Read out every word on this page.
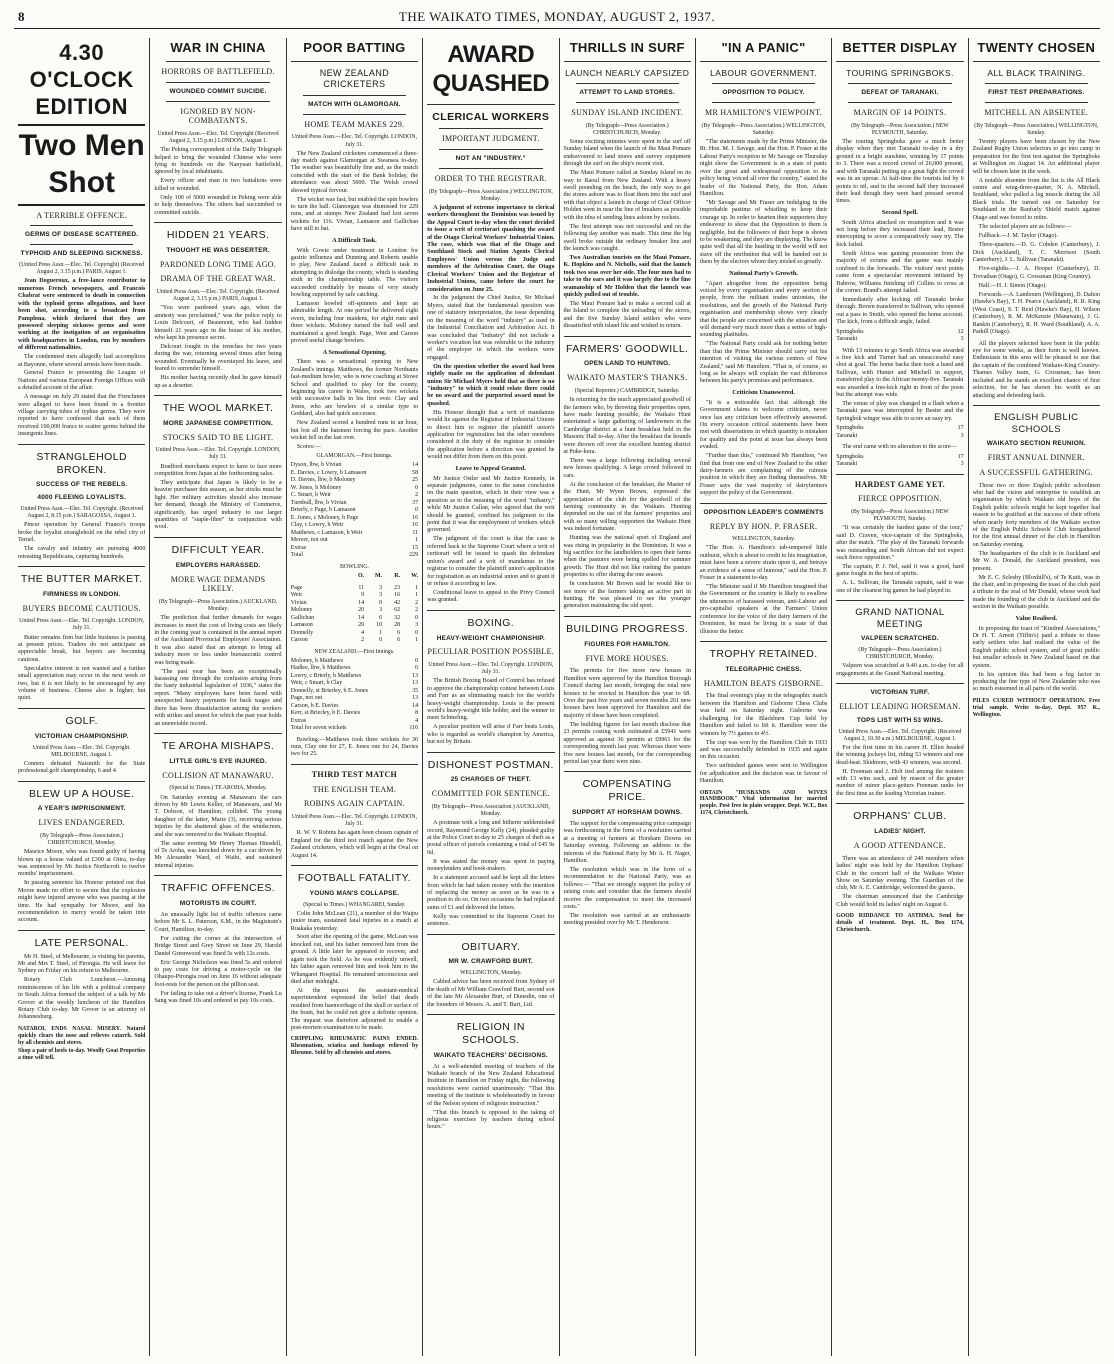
8	THE WAIKATO TIMES, MONDAY, AUGUST 2, 1937.
4.30 O'CLOCK EDITION
Two Men Shot
A TERRIBLE OFFENCE.
GERMS OF DISEASE SCATTERED.
TYPHOID AND SLEEPING SICKNESS.
(United Press Assn.—Elec. Tel. Copyright) (Received August 2, 3.15 p.m.) PARIS, August 1.

Jean Dogueroux, a free-lance contributor to numerous French newspapers, and Francois Chabrat were sentenced to death in connection with the typhoid germs allegations, and have been shot, according to a broadcast from Pamplona, which declared that they are possessed sleeping sickness germs and were working at the instigation of an organisation with headquarters in London, run by members of different nationalities.

The condemned men allegedly had accomplices at Bayonne, where several arrests have been made.

General Franco is presenting the League of Nations and various European Foreign Offices with a detailed account of the affair.

A message on July 29 stated that the Frenchmen were alleged to have been found in a frontier village carrying tubes of typhus germs. They were reported to have confessed that each of them received 100,000 francs to scatter germs behind the insurgents lines.

STRANGLEHOLD BROKEN.
SUCCESS OF THE REBELS.
4000 FLEEING LOYALISTS.
United Press Assn.—Elec. Tel. Copyright. (Received August 2, 8.15 p.m.) SARAGOSSA, August 1.

Pincer operation by General Franco's troops broke the loyalist stranglehold on the rebel city of Teruel.

The cavalry and infantry are pursuing 4000 retreating Republicans, capturing hundreds.

THE BUTTER MARKET.
FIRMNESS IN LONDON.
BUYERS BECOME CAUTIOUS.
United Press Assn.—Elec. Tel. Copyright. LONDON, July 31.

Butter remains firm but little business is passing at present prices. Traders do not anticipate an appreciable break, but buyers are becoming cautious.

Speculative interest is not wanted and a further small appreciation may occur in the next week or two, but it is not likely to be encouraged by any volume of business. Cheese also is higher, but quiet.

GOLF.
VICTORIAN CHAMPIONSHIP.
United Press Assn.—Elec. Tel. Copyright. MELBOURNE, August 1.

Conners defeated Naismith for the State professional golf championship, 6 and 4.

BLEW UP A HOUSE.
A YEAR'S IMPRISONMENT.
LIVES ENDANGERED.
(By Telegraph—Press Association.) CHRISTCHURCH, Monday.

Maurice Moore, who was found guilty of having blown up a house valued at £300 at Otira, to-day was sentenced by Mr Justice Northcroft to twelve months' imprisonment.

In passing sentence his Honour pointed out that Moore made no effort to secure that the explosion might have injured anyone who was passing at the time. He had sympathy for Moore, and his recommendation to mercy would be taken into account.

LATE PERSONAL.

Mr H. Steel, of Melbourne, is visiting his parents, Mr and Mrs T. Steel, of Pirongia. He will leave for Sydney on Friday on his return to Melbourne.

Rotary Club Luncheon.—Amusing reminiscences of his life with a political company in South Africa formed the subject of a talk by Mr Grover at the weekly luncheon of the Hamilton Rotary Club to-day. Mr Grover is an attorney of Johannesburg.

NATAROL ENDS NASAL MISERY. Natarol quickly clears the nose and relieves catarrh. Sold by all chemists and stores.

Shop a pair of heels to-day. Woolly Goat Properties a time will tell.

WAR IN CHINA
HORRORS OF BATTLEFIELD.
WOUNDED COMMIT SUICIDE.
IGNORED BY NON-COMBATANTS.
United Press Assn.—Elec. Tel. Copyright (Received August 2, 3.15 p.m.) LONDON, August 1.

The Peking correspondent of the Daily Telegraph helped to bring the wounded Chinese who were lying in hundreds on the Nanyuan battlefield, ignored by local inhabitants.

Every officer and man in two battalions were killed or wounded.

Only 100 of 5000 wounded in Peking were able to help themselves. The others had succumbed or committed suicide.

HIDDEN 21 YEARS.
THOUGHT HE WAS DESERTER.
PARDONED LONG TIME AGO.
DRAMA OF THE GREAT WAR.
United Press Assn.—Elec. Tel. Copyright. (Received August 2, 3.15 p.m.) PARIS, August 1.

"You were pardoned years ago, when the amnesty was proclaimed," was the police reply to Louis Delcourt, of Beaumont, who had hidden himself 21 years ago in the house of his mother, who kept his presence secret.

Delcourt fought in the trenches for two years during the war, returning several times after being wounded. Eventually he overstayed his leave, and feared to surrender himself.

His mother having recently died he gave himself up as a deserter.

THE WOOL MARKET.
MORE JAPANESE COMPETITION.
STOCKS SAID TO BE LIGHT.
United Press Assn.—Elec. Tel. Copyright. LONDON, July 31.

Bradford merchants expect to have to face more competition from Japan at the forthcoming sales.

They anticipate that Japan is likely to be a heavier purchaser this season, as her stocks must be light. Her military activities should also increase her demand, though the Ministry of Commerce, significantly, has urged industry to use larger quantities of "staple-fibre" in conjunction with wool.

DIFFICULT YEAR.
EMPLOYERS HARASSED.
MORE WAGE DEMANDS LIKELY.
(By Telegraph—Press Association.) AUCKLAND, Monday.

The prediction that further demands for wages increases to meet the cost of living costs are likely in the coming year is contained in the annual report of the Auckland Provincial Employers' Association. It was also stated that an attempt to bring all industry more or less under bureaucratic control was being made.

"The past year has been an exceptionally harassing one through the confusion arising from the hasty industrial legislation of 1936," states the report. "Many employers have been faced with unexpected heavy payments for back wages and there has been dissatisfaction among the workers with strikes and unrest for which the past year holds an unenviable record.

TE AROHA MISHAPS.
LITTLE GIRL'S EYE INJURED.
COLLISION AT MANAWARU.
(Special to Times.) TE AROHA, Monday.

On Saturday evening at Manawaru the cars driven by Mr Lewis Keller, of Manawaru, and Mr T. Dobson, of Hamilton, collided. The young daughter of the latter, Marie (3), receiving serious injuries by the shattered glass of the windscreen, and she was removed to the Waikato Hospital.

The same evening Mr Henry Thomas Hinsdell, of Te Aroha, was knocked down by a car driven by Mr Alexander Ward, of Waihi, and sustained internal injuries.

TRAFFIC OFFENCES.
MOTORISTS IN COURT.

An unusually light list of traffic offences came before Mr S. L. Paterson, S.M., in the Magistrate's Court, Hamilton, to-day.

For cutting the corner at the intersection of Bridge Street and Grey Street on June 29, Harold Daniel Greenwood was fined 5s with 12s costs.

Eric George Nicholson was fined 5s and ordered to pay costs for driving a motor-cycle on the Ohaupo-Pirongia road on June 16 without adequate foot-rests for the person on the pillion seat.

For failing to take out a driver's license, Frank Lu Sang was fined 10s and ordered to pay 10s costs.

POOR BATTING
NEW ZEALAND CRICKETERS
MATCH WITH GLAMORGAN.
HOME TEAM MAKES 229.
United Press Assn.—Elec. Tel. Copyright. LONDON, July 31.

The New Zealand cricketers commenced a three-day match against Glamorgan at Swansea to-day. The weather was beautifully fine and, as the match coincided with the start of the Bank holiday, the attendance was about 5000. The Welsh crowd showed typical fervour.

The wicket was fast, but enabled the spin bowlers to turn the ball. Glamorgan was dismissed for 229 runs, and at stumps New Zealand had lost seven wickets for 116. Vivian, Lamason and Gallichan have still to bat.

A Difficult Task.

With Cowie under treatment in London for gastric influenza and Dunning and Roberts unable to play, New Zealand faced a difficult task in attempting to dislodge the county, which is standing sixth in the championship table. The visitors succeeded creditably by means of very steady bowling supported by safe catching.

Lamason bowled off-spinners and kept an admirable length. At one period he delivered eight overs, including four maidens, for eight runs and three wickets. Moloney turned the ball well and maintained a good length. Page, Weir and Carson proved useful change bowlers.

A Sensational Opening.

There was a sensational opening to New Zealand's innings. Matthews, the former Northants fast-medium bowler, who is now coaching at Stowe School and qualified to play for the county, beginning his career in Wales, took two wickets with successive balls in his first over. Clay and Jones, who are bowlers of a similar type to Goddard, also had quick successes.

New Zealand scored a hundred runs in an hour, but lost all the batsmen forcing the pace. Another wicket fell in the last over.

Scores:—

GLAMORGAN.—First Innings.
Dyson, lbw, b Vivian	14
E. Davies, c Lowry, b Lamason	58
D. Davies, lbw, b Moloney	25
W. Jones, b Moloney	0
C. Smart, b Weir	2
Turnbull, lbw, b Vivian	37
Brierly, c Page, b Lamason	0
E. Jones, c Moloney, b Page	16
Clay, c Lowry, b Weir	16
Matthews, c Lamason, b Weir	11
Mercer, not out	1
Extras	15
Total	229
BOWLING.
O.	M.	R.	W.
Page	11	3	23	1
Weir	9	3	16	1
Vivian	14	0	42	2
Moloney	20	3	62	2
Gallichan	14	6	32	0
Lamason	20	10	28	3
Donnelly	4	1	6	0
Carson	2	0	6	1
NEW ZEALAND.—First Innings.
Moloney, b Matthews	0
Hadlee, lbw, b Matthews	0
Lowry, c Brierly, b Matthews	13
Weir, c Smart, b Clay	13
Donnelly, st Brierley, b E. Jones	35
Page, not out	13
Carson, b E. Davies	14
Kerr, st Brierley, b E. Davies	8
Extras	4
Total for seven wickets	116

Bowling.—Matthews took three wickets for 30 runs, Clay one for 27, E. Jones one for 24, Davies two for 25.

THIRD TEST MATCH
THE ENGLISH TEAM.
ROBINS AGAIN CAPTAIN.
United Press Assn.—Elec. Tel. Copyright. LONDON, July 31.

R. W. V. Robins has again been chosen captain of England for the third test match against the New Zealand cricketers, which will begin at the Oval on August 14.

FOOTBALL FATALITY.
YOUNG MAN'S COLLAPSE.
(Special to Times.) WHANGAREI, Sunday.

Colin John McLean (21), a member of the Waipu junior team, sustained fatal injuries in a match at Ruakaka yesterday.

Soon after the opening of the game, McLean was knocked out, and his father removed him from the ground. A little later he appeared to recover, and again took the field. As he was evidently unwell, his father again removed him and took him to the Whangarei Hospital. He remained unconscious and died after midnight.

At the inquest the assistant-medical superintendent expressed the belief that death resulted from haemorrhage of the skull or surface of the brain, but he could not give a definite opinion. The inquest was therefore adjourned to enable a post-mortem examination to be made.

CRIPPLING RHEUMATIC PAINS ENDED. Rheumatism, sciatica and lumbago relieved by Rheumo. Sold by all chemists and stores.

AWARD QUASHED
CLERICAL WORKERS
IMPORTANT JUDGMENT.
NOT AN "INDUSTRY."
ORDER TO THE REGISTRAR.
(By Telegraph—Press Association.) WELLINGTON, Monday.

A judgment of extreme importance to clerical workers throughout the Dominion was issued by the Appeal Court to-day when the court decided to issue a writ of certiorari quashing the award of the Otago Clerical Workers' Industrial Union. The case, which was that of the Otago and Southland Stock and Station Agents Clerical Employees' Union versus the Judge and members of the Arbitration Court, the Otago Clerical Workers' Union and the Registrar of Industrial Unions, came before the court for consideration on June 25.

In the judgment the Chief Justice, Sir Michael Myers, stated that the fundamental question was one of statutory interpretation, the issue depending on the meaning of the word "industry" as used in the Industrial Conciliation and Arbitration Act. It was concluded that "industry" did not include a worker's vocation but was referable to the industry of the employer in which the workers were engaged.

On the question whether the award had been rightly made on the application of defendant union Sir Michael Myers held that as there is no "industry" to which it could relate there could be no award and the purported award must be quashed.

His Honour thought that a writ of mandamus would lie against the Registrar of Industrial Unions to direct him to register the plaintiff union's application for registration but the other members considered it the duty of the registrar to consider the application before a direction was granted he would not differ from them on this point.

Leave to Appeal Granted.

Mr Justice Ostler and Mr Justice Kennedy, in separate judgments, came to the same conclusion on the main question, which in their view was a question as to the meaning of the word "industry," while Mr Justice Callan, who agreed that the writ should be granted, confined his judgment to the point that it was the employment of workers which governed.

The judgment of the court is that the case is referred back to the Supreme Court where a writ of certiorari will be issued to quash the defendant union's award and a writ of mandamus to the registrar to consider the plaintiff union's application for registration as an industrial union and to grant it or refuse it according to law.

Conditional leave to appeal to the Privy Council was granted.

BOXING.
HEAVY-WEIGHT CHAMPIONSHIP.
PECULIAR POSITION POSSIBLE.
United Press Assn.—Elec. Tel. Copyright. LONDON, July 31.

The British Boxing Board of Control has refused to approve the championship contest between Louis and Farr as an eliminating match for the world's heavy-weight championship. Louis is the present world's heavy-weight title holder, and the winner to meet Schmeling.

A peculiar position will arise if Farr beats Louis, who is regarded as world's champion by America, but not by Britain.

DISHONEST POSTMAN.
25 CHARGES OF THEFT.
COMMITTED FOR SENTENCE.
(By Telegraph—Press Association.) AUCKLAND, Monday.

A postman with a long and hitherto unblemished record, Raymond George Kelly (24), pleaded guilty at the Police Court to-day to 25 charges of theft as a postal officer of parcels containing a total of £45 9s 6d.

It was stated the money was spent in paying moneylenders and book-makers.

In a statement accused said he kept all the letters from which he had taken money with the intention of replacing the money as soon as he was in a position to do so. On two occasions he had replaced sums of £1 and delivered the letters.

Kelly was committed to the Supreme Court for sentence.

OBITUARY.
MR W. CRAWFORD BURT.
WELLINGTON, Monday.

Cabled advice has been received from Sydney of the death of Mr William Crawford Burt, second son of the late Mr Alexander Burt, of Dunedin, one of the founders of Messrs. A. and T. Burt, Ltd.

RELIGION IN SCHOOLS.
WAIKATO TEACHERS' DECISIONS.

At a well-attended meeting of teachers of the Waikato branch of the New Zealand Educational Institute in Hamilton on Friday night, the following resolutions were carried unanimously: "That this meeting of the institute is wholeheartedly in favour of the Nelson system of religious instruction."

"That this branch is opposed to the taking of religious exercises by teachers during school hours."

THRILLS IN SURF
LAUNCH NEARLY CAPSIZED
ATTEMPT TO LAND STORES.
SUNDAY ISLAND INCIDENT.
(By Telegraph—Press Association.) CHRISTCHURCH, Monday.

Some exciting minutes were spent in the surf off Sunday Island when the launch of the Maui Pomare endeavoured to land stores and survey equipment through the surf on the ship's recent visit.

The Maui Pomare called at Sunday Island on its way to Raoul from New Zealand. With a heavy swell pounding on the beach, the only way to get the stores ashore was to float them into the surf and with that object a launch in charge of Chief Officer Holden went in near the line of breakers as possible with the idea of sending lines ashore by rockets.

The first attempt was not successful and on the following day another was made. This time the big swell broke outside the ordinary breaker line and the launch was caught.

Two Australian tourists on the Maui Pomare, K. Hopkins and N. Nicholls, said that the launch took two seas over her side. The four men had to take to the oars and it was largely due to the fine seamanship of Mr Holden that the launch was quickly pulled out of trouble.

The Maui Pomare had to make a second call at the Island to complete the unloading of the stores, and the five Sunday Island settlers who were dissatisfied with island life and wished to return.

FARMERS' GOODWILL.
OPEN LAND TO HUNTING.
WAIKATO MASTER'S THANKS.
(Special Reporter.) CAMBRIDGE, Saturday.

In returning for the much appreciated goodwill of the farmers who, by throwing their properties open, have made hunting possible, the Waikato Hunt entertained a large gathering of landowners in the Cambridge district at a hunt breakfast held in the Masonic Hall to-day. After the breakfast the hounds were thrown off over the excellent hunting district at Puke-kura.

There was a large following including several new horses qualifying. A large crowd followed in cars.

At the conclusion of the breakfast, the Master of the Hunt, Mr Wynn Brown, expressed the appreciation of the club for the goodwill of the farming community in the Waikato. Hunting depended on the use of the farmers' properties and with so many willing supporters the Waikato Hunt was indeed fortunate.

Hunting was the national sport of England and was rising in popularity in the Dominion. It was a big sacrifice for the landholders to open their farms when the pastures were being spelled for summer growth. The Hunt did not like rushing the pasture properties to offer during the one season.

In conclusion Mr Brown said he would like to see more of the farmers taking an active part in hunting. He was pleased to see the younger generation maintaining the old sport.

BUILDING PROGRESS.
FIGURES FOR HAMILTON.
FIVE MORE HOUSES.

The permits for five more new houses in Hamilton were approved by the Hamilton Borough Council during last month, bringing the total new houses to be erected in Hamilton this year to 68. Over the past five years and seven months 261 new houses have been approved for Hamilton and the majority of these have been completed.

The building figures for last month disclose that 23 permits costing work estimated at £5941 were approved as against 36 permits at £9961 for the corresponding month last year. Whereas there were five new houses last month, for the corresponding period last year there were nine.

COMPENSATING PRICE.
SUPPORT AT HORSHAM DOWNS.

The support for the compensating price campaign was forthcoming in the form of a resolution carried at a meeting of farmers at Horsham Downs on Saturday evening. Following an address in the interests of the National Party by Mr A. H. Nager, Hamilton.

The resolution which was in the form of a recommendation to the National Party, was as follows:— "That we strongly support the policy of raising costs and consider that the farmers should receive the compensation to meet the increased costs."

The resolution was carried at an enthusiastic meeting presided over by Mr T. Henderson.

"IN A PANIC"
LABOUR GOVERNMENT.
OPPOSITION TO POLICY.
MR HAMILTON'S VIEWPOINT.
(By Telegraph—Press Association.) WELLINGTON, Saturday.

"The statements made by the Prime Minister, the Rt. Hon. M. J. Savage, and the Hon. P. Fraser at the Labour Party's reception to Mr Savage on Thursday night show the Government is in a state of panic over the great and widespread opposition to its policy being voiced all over the country," stated the leader of the National Party, the Hon. Adam Hamilton.

"Mr Savage and Mr Fraser are indulging in the improbable pastime of whistling to keep their courage up. In order to hearten their supporters they endeavour to show that the Opposition to them is negligible, but the followers of their hope is shown to be weakening, and they are displaying. The know quite well that all the hustling in the world will not stave off the retribution that will be handed out to them by the electors whom they misled so greatly.

National Party's Growth.

"Apart altogether from the opposition being voiced by every organisation and every section of people, from the militant trades unionists, the resolutions, and the growth of the National Party organisation and membership shows very clearly that the people are concerned with the situation and will demand very much more than a series of high-sounding platitudes.

"The National Party could ask for nothing better than that the Prime Minister should carry out his intention of visiting the various centres of New Zealand," said Mr Hamilton. "That is, of course, so long as he always will explain the vast difference between his party's promises and performance.

Criticism Unanswered.

"It is a noticeable fact that although the Government claims to welcome criticism, never once has any criticism been effectively answered. On every occasion critical statements have been met with dissertations in which quantity is mistaken for quality and the point at issue has always been evaded.

"Further than this," continued Mr Hamilton, "we find that from one end of New Zealand to the other dairy-farmers are complaining of the ruinous position in which they are finding themselves. Mr Fraser says the vast majority of dairyfarmers support the policy of the Government.

OPPOSITION LEADER'S COMMENTS
REPLY BY HON. P. FRASER.
WELLINGTON, Saturday.

"The Hon. A. Hamilton's tab-tempered little outburst, which is about to credit to his imagination, must have been a severe strain upon it, and betrays an evidence of a sense of humour," said the Hon. P. Fraser in a statement to-day.

"The Minister said if Mr Hamilton imagined that the Government or the country is likely to swallow the utterances of harassed veteran, anti-Labour and pro-capitalist speakers at the Farmers' Union conference for the voice of the dairy farmers of the Dominion, he must be living in a state of that illusion the better.

TROPHY RETAINED.
TELEGRAPHIC CHESS.
HAMILTON BEATS GISBORNE.

The final evening's play in the telegraphic match between the Hamilton and Gisborne Chess Clubs was held on Saturday night. Gisborne was challenging for the Blackburn Cup held by Hamilton and failed to lift it. Hamilton were the winners by 7½ games to 4½.

The cup was won by the Hamilton Club in 1933 and was successfully defended in 1935 and again on this occasion.

Two unfinished games were sent to Wellington for adjudication and the decision was in favour of Hamilton.

OBTAIN "HUSBANDS AND WIVES HANDBOOK" Vital information for married people. Post free in plain wrapper. Dept. W.T., Box 1174, Christchurch.

BETTER DISPLAY
TOURING SPRINGBOKS.
DEFEAT OF TARANAKI.
MARGIN OF 14 POINTS.
(By Telegraph—Press Association.) NEW PLYMOUTH, Saturday.

The touring Springboks gave a much better display when they met Taranaki to-day in a dry ground in a bright sunshine, winning by 17 points to 3. There was a record crowd of 26,000 present, and with Taranaki putting up a great fight the crowd was in an uproar. At half-time the tourists led by 6 points to nil, and in the second half they increased their lead though they were hard pressed several times.

Second Spell.

South Africa attacked on resumption and it was not long before they increased their lead, Bester intercepting to score a comparatively easy try. The kick failed.

South Africa was gaining possession from the majority of scrums and the game was mainly confined to the forwards. The visitors' next points came from a spectacular movement initiated by Babrow, Williams finishing off Collins to cross at the corner. Brand's attempt failed.

Immediately after kicking off Taranaki broke through. Brown transferred to Sullivan, who opened out a pass to Smith, who opened the home account. The kick, from a difficult angle, failed.

Springboks	12
Taranaki	3

With 13 minutes to go South Africa was awarded a free kick and Turner had an unsuccessful easy shot at goal. The home backs then took a hand and Sullivan, with Hunter and Mitchell in support, transferred play to the African twenty-five. Taranaki was awarded a free-kick right in front of the posts but the attempt was wide.

The venue of play was changed in a flash when a Taranaki pass was intercepted by Bester and the Springbok winger was able to score an easy try.

Springboks	17
Taranaki	3

The end came with no alteration to the score—

Springboks	17
Taranaki	3
HARDEST GAME YET.
FIERCE OPPOSITION.
(By Telegraph—Press Association.) NEW PLYMOUTH, Sunday.

"It was certainly the hardest game of the tour," said D. Craven, vice-captain of the Springboks, after the match. "The play of the Taranaki forwards was outstanding and South African did not expect such fierce opposition."

The captain, P. J. Nel, said it was a good, hard game fought in the best of spirits.

A. L. Sullivan, the Taranaki captain, said it was one of the cleanest big games he had played in.

GRAND NATIONAL MEETING
VALPEEN SCRATCHED.
(By Telegraph—Press Association.) CHRISTCHURCH, Monday.

Valpeen was scratched at 9.40 a.m. to-day for all engagements at the Grand National meeting.

VICTORIAN TURF.
ELLIOT LEADING HORSEMAN.
TOPS LIST WITH 53 WINS.
United Press Assn.—Elec. Tel. Copyright. (Received August 2, 10.30 a.m.) MELBOURNE, August 1.

For the first time in his career H. Elliot headed the winning jockeys list, riding 53 winners and one dead-heat. Skidmore, with 43 winners, was second.

H. Freeman and J. Holt tied among the trainers with 13 wins each, and by reason of the greater number of minor place-getters Freeman ranks for the first time as the leading Victorian trainer.

ORPHANS' CLUB.
LADIES' NIGHT.
A GOOD ATTENDANCE.

There was an attendance of 240 members when ladies' night was held by the Hamilton Orphans' Club in the concert hall of the Waikato Winter Show on Saturday evening. The Guardian of the club, Mr A. E. Cambridge, welcomed the guests.

The chairman announced that the Cambridge Club would hold its ladies' night on August 6.

GOOD RIDDANCE TO ASTHMA. Send for details of treatment. Dept. H., Box 1174, Christchurch.

TWENTY CHOSEN
ALL BLACK TRAINING.
FIRST TEST PREPARATIONS.
MITCHELL AN ABSENTEE.
(By Telegraph—Press Association.) WELLINGTON, Sunday.

Twenty players have been chosen by the New Zealand Rugby Union selectors to go into camp in preparation for the first test against the Springboks at Wellington on August 14. An additional player will be chosen later in the week.

A notable absentee from the list is the All Black centre and wing-three-quarter, N. A. Mitchell, Southland, who pulled a leg muscle during the All Black trials. He turned out on Saturday for Southland in the Ranfurly Shield match against Otago and was forced to retire.

The selected players are as follows:—

Fullback.—J. M. Taylor (Otago).

Three-quarters.—D. G. Cobden (Canterbury), J. Dick (Auckland), T. C. Morrison (South Canterbury), J. L. Sullivan (Taranaki).

Five-eighths.—J. A. Hooper (Canterbury), D. Trevathan (Otago), G. Crossman (King Country).

Half.—H. J. Simon (Otago).

Forwards.—A. Lambourn (Wellington), D. Dalton (Hawke's Bay), T. H. Pearce (Auckland), R. R. King (West Coast), S. T. Reid (Hawke's Bay), H. Wilson (Canterbury), R. M. McKenzie (Manawatu), J. G. Rankin (Canterbury), R. H. Ward (Southland), A. A. Parkill (Otago).

All the players selected have been in the public eye for some weeks, as their form is well known. Enthusiasts in this area will be pleased to see that the captain of the combined Waikato-King Country-Thames Valley team, G. Crossman, has been included and he stands an excellent chance of first selection, for he has shown his worth as an attacking and defending back.

ENGLISH PUBLIC SCHOOLS
WAIKATO SECTION REUNION.
FIRST ANNUAL DINNER.
A SUCCESSFUL GATHERING.

Those two or three English public schoolmen who had the vision and enterprise to establish an organisation by which Waikato old boys of the English public schools might be kept together had reason to be gratified at the success of their efforts when nearly forty members of the Waikato section of the English Public Schools' Club foregathered for the first annual dinner of the club in Hamilton on Saturday evening.

The headquarters of the club is in Auckland and Mr W. A. Donald, the Auckland president, was present.

Mr E. C. Sclesby (Bloxhill's), of Te Kuiti, was in the chair, and in proposing the toast of the club paid a tribute to the zeal of Mr Donald, whose work had made the founding of the club in Auckland and the section in the Waikato possible.

Value Realised.

In proposing the toast of "Kindred Associations," Dr H. T. Arnott (Tiffin's) paid a tribute to those early settlers who had realised the value of the English public school system, and of great public but smaller schools in New Zealand based on that system.

In his opinion this had been a big factor in producing the fine type of New Zealander who was so much esteemed in all parts of the world.

PILES CURED WITHOUT OPERATION. Free trial sample. Write to-day, Dept. 957 K., Wellington.
